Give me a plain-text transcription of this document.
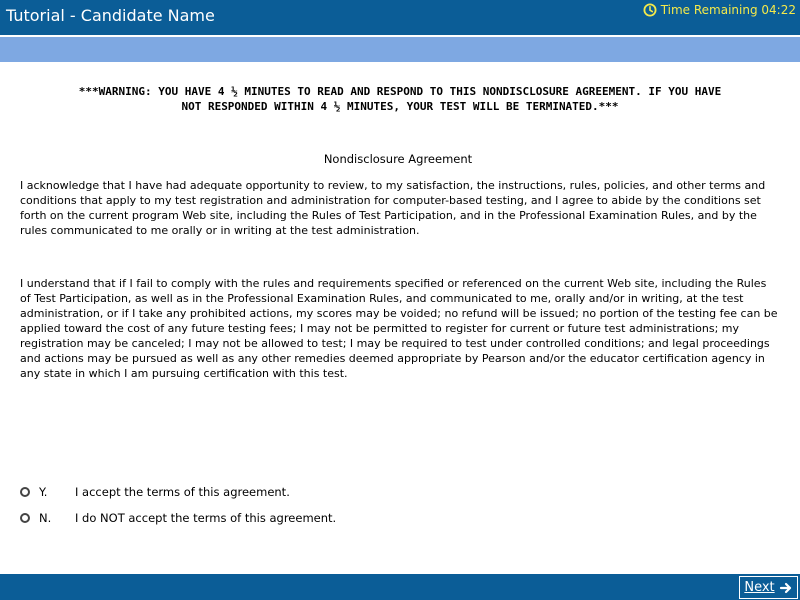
Tutorial - Candidate Name	Time Remaining 04:22
***WARNING: YOU HAVE 4 ½ MINUTES TO READ AND RESPOND TO THIS NONDISCLOSURE AGREEMENT. IF YOU HAVE
NOT RESPONDED WITHIN 4 ½ MINUTES, YOUR TEST WILL BE TERMINATED.***
Nondisclosure Agreement
I acknowledge that I have had adequate opportunity to review, to my satisfaction, the instructions, rules, policies, and other terms and conditions that apply to my test registration and administration for computer-based testing, and I agree to abide by the conditions set forth on the current program Web site, including the Rules of Test Participation, and in the Professional Examination Rules, and by the rules communicated to me orally or in writing at the test administration.
I understand that if I fail to comply with the rules and requirements specified or referenced on the current Web site, including the Rules of Test Participation, as well as in the Professional Examination Rules, and communicated to me, orally and/or in writing, at the test administration, or if I take any prohibited actions, my scores may be voided; no refund will be issued; no portion of the testing fee can be applied toward the cost of any future testing fees; I may not be permitted to register for current or future test administrations; my registration may be canceled; I may not be allowed to test; I may be required to test under controlled conditions; and legal proceedings and actions may be pursued as well as any other remedies deemed appropriate by Pearson and/or the educator certification agency in any state in which I am pursuing certification with this test.
Y.	I accept the terms of this agreement.
N.	I do NOT accept the terms of this agreement.
Next
